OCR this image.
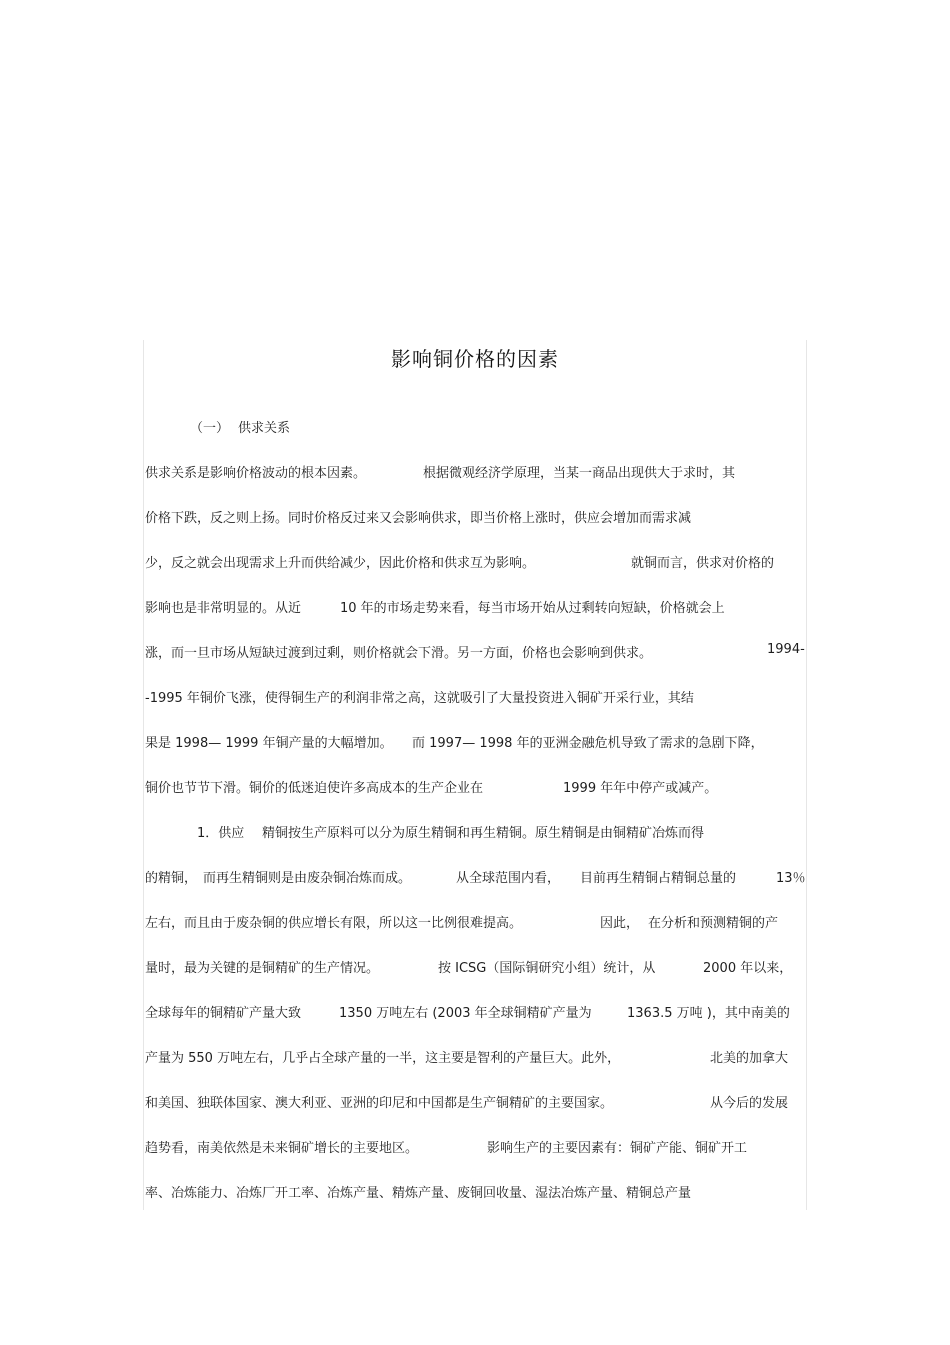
影响铜价格的因素
（一） 供求关系
供求关系是影响价格波动的根本因素。	根据微观经济学原理，当某一商品出现供大于求时，其
价格下跌，反之则上扬。同时价格反过来又会影响供求，即当价格上涨时，供应会增加而需求减
少，反之就会出现需求上升而供给减少，因此价格和供求互为影响。	就铜而言，供求对价格的
影响也是非常明显的。从近	10 年的市场走势来看，每当市场开始从过剩转向短缺，价格就会上
涨，而一旦市场从短缺过渡到过剩，则价格就会下滑。另一方面，价格也会影响到供求。	1994-
-1995 年铜价飞涨，使得铜生产的利润非常之高，这就吸引了大量投资进入铜矿开采行业，其结
果是 1998— 1999 年铜产量的大幅增加。 而 1997— 1998 年的亚洲金融危机导致了需求的急剧下降，
铜价也节节下滑。铜价的低迷迫使许多高成本的生产企业在	1999 年年中停产或减产。
1．供应 精铜按生产原料可以分为原生精铜和再生精铜。原生精铜是由铜精矿冶炼而得
的精铜， 而再生精铜则是由废杂铜冶炼而成。	从全球范围内看， 目前再生精铜占精铜总量的	13％
左右，而且由于废杂铜的供应增长有限，所以这一比例很难提高。	因此， 在分析和预测精铜的产
量时，最为关键的是铜精矿的生产情况。	按 ICSG（国际铜研究小组）统计，从	2000 年以来，
全球每年的铜精矿产量大致	1350 万吨左右 (2003 年全球铜精矿产量为	1363.5 万吨 )，其中南美的
产量为 550 万吨左右，几乎占全球产量的一半，这主要是智利的产量巨大。此外，	北美的加拿大
和美国、独联体国家、澳大利亚、亚洲的印尼和中国都是生产铜精矿的主要国家。	从今后的发展
趋势看，南美依然是未来铜矿增长的主要地区。	影响生产的主要因素有：铜矿产能、铜矿开工
率、冶炼能力、冶炼厂开工率、冶炼产量、精炼产量、废铜回收量、湿法冶炼产量、精铜总产量
